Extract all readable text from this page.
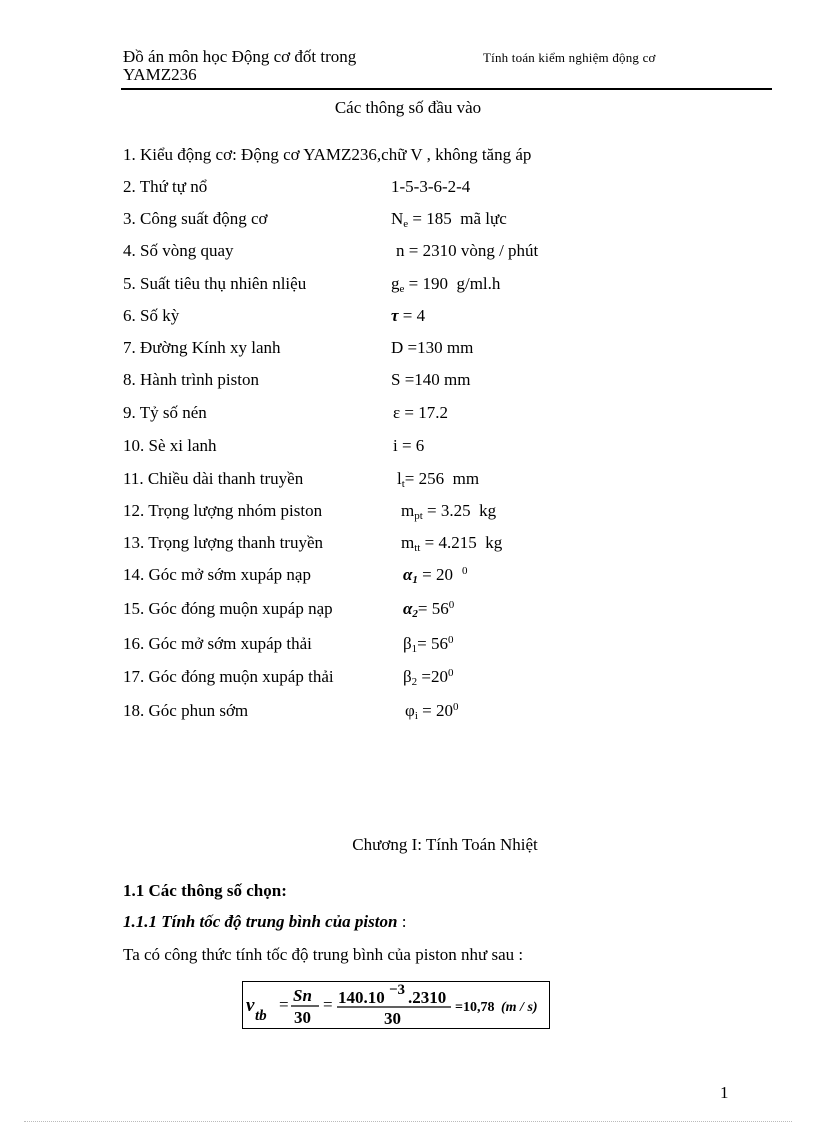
Đồ án môn học Động cơ đốt trong
YAMZ236
Tính toán kiểm nghiệm động cơ
Các thông số đầu vào
1. Kiểu động cơ: Động cơ YAMZ236,chữ V , không tăng áp
2. Thứ tự nổ	1-5-3-6-2-4
3. Công suất động cơ	$N_e = 185$  mã lực
4. Số vòng quay	n = 2310 vòng / phút
5. Suất tiêu thụ nhiên nliệu	$g_e = 190$  g/ml.h
6. Số kỳ	τ = 4
7. Đường Kính xy lanh	D =130 mm
8. Hành trình piston	S =140 mm
9. Tỷ số nén	ε = 17.2
10. Sè xi lanh	i = 6
11. Chiều dài thanh truyền	$l_t= 256$  mm
12. Trọng lượng nhóm piston	$m_{pt} = 3.25$  kg
13. Trọng lượng thanh truyền	$m_{tt} = 4.215$  kg
14. Góc mở sớm xupáp nạp	$\alpha_1 = 20$ $^0$
15. Góc đóng muộn xupáp nạp	$\alpha_2= 56^0$
16. Góc mở sớm xupáp thải	$\beta_1= 56^0$
17. Góc đóng muộn xupáp thải	$\beta_2 =20^0$
18. Góc phun sớm	$\varphi_i = 20^0$
Chương I: Tính Toán Nhiệt
1.1 Các thông số chọn:
1.1.1 Tính tốc độ trung bình của piston :
Ta có công thức tính tốc độ trung bình của piston như sau :
v tb
= Sn
30
= 140.10 −3 .2310
30
=10,78 (m / s)
1
